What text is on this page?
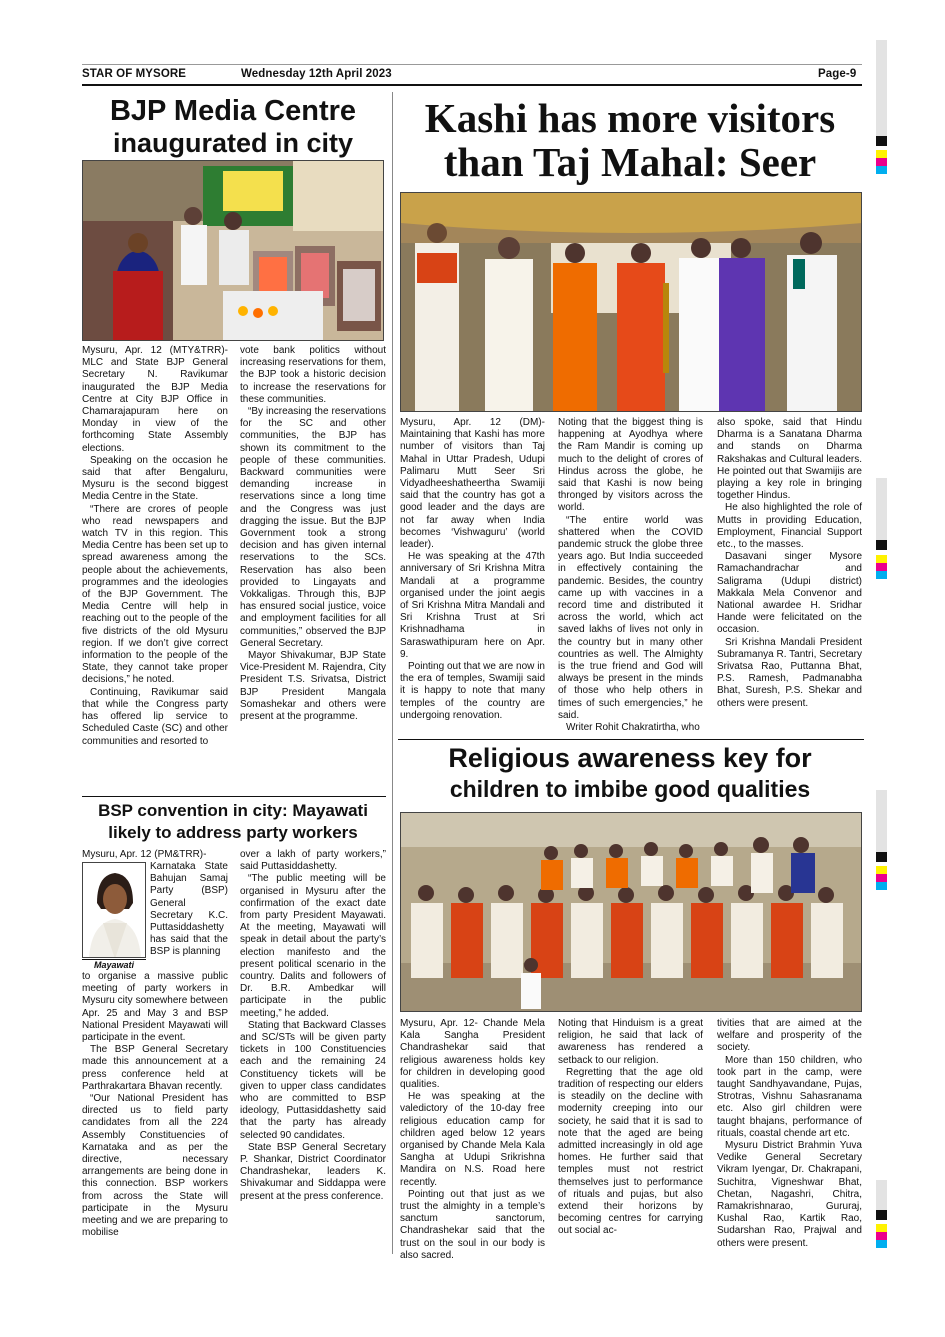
STAR OF MYSORE	Wednesday 12th April 2023	Page-9
BJP Media Centre
inaugurated in city

Mysuru, Apr. 12 (MTY&TRR)- MLC and State BJP General Secretary N. Ravikumar inaugurated the BJP Media Centre at City BJP Office in Chamarajapuram here on Monday in view of the forthcoming State Assembly elections.

Speaking on the occasion he said that after Bengaluru, Mysuru is the second biggest Media Centre in the State.

“There are crores of people who read newspapers and watch TV in this region. This Media Centre has been set up to spread awareness among the people about the achievements, programmes and the ideologies of the BJP Government. The Media Centre will help in reaching out to the people of the five districts of the old Mysuru region. If we don’t give correct information to the people of the State, they cannot take proper decisions,” he noted.

Continuing, Ravikumar said that while the Congress party has offered lip service to Scheduled Caste (SC) and other communities and resorted to

vote bank politics without increasing reservations for them, the BJP took a historic decision to increase the reservations for these communities.

“By increasing the reservations for the SC and other communities, the BJP has shown its commitment to the people of these communities. Backward communities were demanding increase in reservations since a long time and the Congress was just dragging the issue. But the BJP Government took a strong decision and has given internal reservations to the SCs. Reservation has also been provided to Lingayats and Vokkaligas. Through this, BJP has ensured social justice, voice and employment facilities for all communities,” observed the BJP General Secretary.

Mayor Shivakumar, BJP State Vice-President M. Rajendra, City President T.S. Srivatsa, District BJP President Mangala Somashekar and others were present at the programme.

BSP convention in city: Mayawati
likely to address party workers
Mysuru, Apr. 12 (PM&TRR)-
Mayawati
Karnataka State Bahujan Samaj Party (BSP) General Secretary K.C. Puttasiddashetty has said that the BSP is planning

to organise a massive public meeting of party workers in Mysuru city somewhere between Apr. 25 and May 3 and BSP National President Mayawati will participate in the event.

The BSP General Secretary made this announcement at a press conference held at Parthrakartara Bhavan recently.

“Our National President has directed us to field party candidates from all the 224 Assembly Constituencies of Karnataka and as per the directive, necessary arrangements are being done in this connection. BSP workers from across the State will participate in the Mysuru meeting and we are preparing to mobilise

over a lakh of party workers,” said Puttasiddashetty.

“The public meeting will be organised in Mysuru after the confirmation of the exact date from party President Mayawati. At the meeting, Mayawati will speak in detail about the party’s election manifesto and the present political scenario in the country. Dalits and followers of Dr. B.R. Ambedkar will participate in the public meeting,” he added.

Stating that Backward Classes and SC/STs will be given party tickets in 100 Constituencies each and the remaining 24 Constituency tickets will be given to upper class candidates who are committed to BSP ideology, Puttasiddashetty said that the party has already selected 90 candidates.

State BSP General Secretary P. Shankar, District Coordinator Chandrashekar, leaders K. Shivakumar and Siddappa were present at the press conference.

Kashi has more visitors
than Taj Mahal: Seer

Mysuru, Apr. 12 (DM)- Maintaining that Kashi has more number of visitors than Taj Mahal in Uttar Pradesh, Udupi Palimaru Mutt Seer Sri Vidyadheeshatheertha Swamiji said that the country has got a good leader and the days are not far away when India becomes ‘Vishwaguru’ (world leader).

He was speaking at the 47th anniversary of Sri Krishna Mitra Mandali at a programme organised under the joint aegis of Sri Krishna Mitra Mandali and Sri Krishna Trust at Sri Krishnadhama in Saraswathipuram here on Apr. 9.

Pointing out that we are now in the era of temples, Swamiji said it is happy to note that many temples of the country are undergoing renovation.

Noting that the biggest thing is happening at Ayodhya where the Ram Mandir is coming up much to the delight of crores of Hindus across the globe, he said that Kashi is now being thronged by visitors across the world.

“The entire world was shattered when the COVID pandemic struck the globe three years ago. But India succeeded in effectively containing the pandemic. Besides, the country came up with vaccines in a record time and distributed it across the world, which act saved lakhs of lives not only in the country but in many other countries as well. The Almighty is the true friend and God will always be present in the minds of those who help others in times of such emergencies,” he said.

Writer Rohit Chakratirtha, who

also spoke, said that Hindu Dharma is a Sanatana Dharma and stands on Dharma Rakshakas and Cultural leaders. He pointed out that Swamijis are playing a key role in bringing together Hindus.

He also highlighted the role of Mutts in providing Education, Employment, Financial Support etc., to the masses.

Dasavani singer Mysore Ramachandrachar and Saligrama (Udupi district) Makkala Mela Convenor and National awardee H. Sridhar Hande were felicitated on the occasion.

Sri Krishna Mandali President Subramanya R. Tantri, Secretary Srivatsa Rao, Puttanna Bhat, P.S. Ramesh, Padmanabha Bhat, Suresh, P.S. Shekar and others were present.

Religious awareness key for
children to imbibe good qualities

Mysuru, Apr. 12- Chande Mela Kala Sangha President Chandrashekar said that religious awareness holds key for children in developing good qualities.

He was speaking at the valedictory of the 10-day free religious education camp for children aged below 12 years organised by Chande Mela Kala Sangha at Udupi Srikrishna Mandira on N.S. Road here recently.

Pointing out that just as we trust the almighty in a temple’s sanctum sanctorum, Chandrashekar said that the trust on the soul in our body is also sacred.

Noting that Hinduism is a great religion, he said that lack of awareness has rendered a setback to our religion.

Regretting that the age old tradition of respecting our elders is steadily on the decline with modernity creeping into our society, he said that it is sad to note that the aged are being admitted increasingly in old age homes. He further said that temples must not restrict themselves just to performance of rituals and pujas, but also extend their horizons by becoming centres for carrying out social ac-

tivities that are aimed at the welfare and prosperity of the society.

More than 150 children, who took part in the camp, were taught Sandhyavandane, Pujas, Strotras, Vishnu Sahasranama etc. Also girl children were taught bhajans, performance of rituals, coastal chende art etc.

Mysuru District Brahmin Yuva Vedike General Secretary Vikram Iyengar, Dr. Chakrapani, Suchitra, Vigneshwar Bhat, Chetan, Nagashri, Chitra, Ramakrishnarao, Gururaj, Kushal Rao, Kartik Rao, Sudarshan Rao, Prajwal and others were present.
